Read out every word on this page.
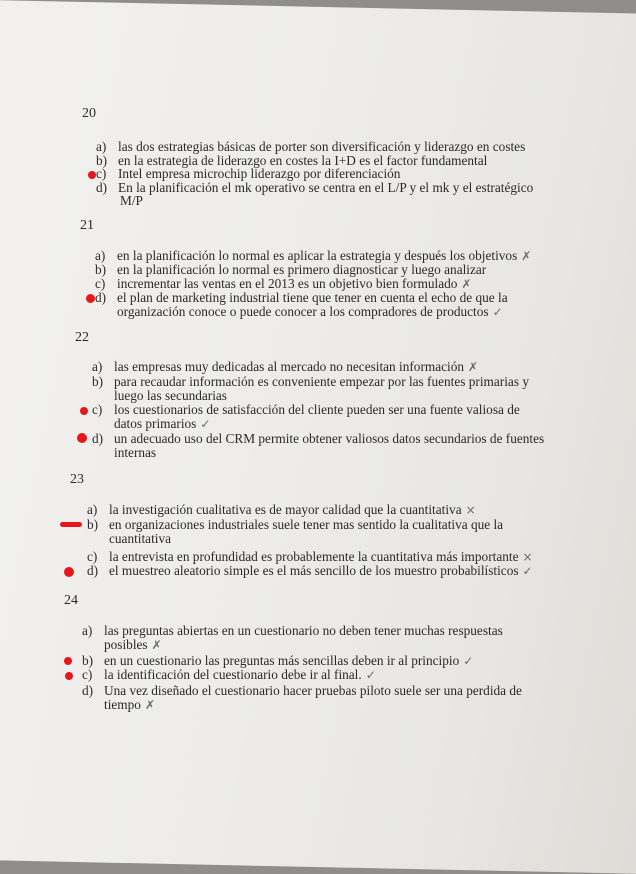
20
a) las dos estrategias básicas de porter son diversificación y liderazgo en costes
b) en la estrategia de liderazgo en costes la I+D es el factor fundamental
c) Intel empresa microchip liderazgo por diferenciación
d) En la planificación el mk operativo se centra en el L/P y el mk y el estratégico
M/P
21
a) en la planificación lo normal es aplicar la estrategia y después los objetivos ✗
b) en la planificación lo normal es primero diagnosticar y luego analizar
c) incrementar las ventas en el 2013 es un objetivo bien formulado ✗
d) el plan de marketing industrial tiene que tener en cuenta el echo de que la
organización conoce o puede conocer a los compradores de productos ✓
22
a) las empresas muy dedicadas al mercado no necesitan información ✗
b) para recaudar información es conveniente empezar por las fuentes primarias y
luego las secundarias
c) los cuestionarios de satisfacción del cliente pueden ser una fuente valiosa de
datos primarios ✓
d) un adecuado uso del CRM permite obtener valiosos datos secundarios de fuentes
internas
23
a) la investigación cualitativa es de mayor calidad que la cuantitativa ×
b) en organizaciones industriales suele tener mas sentido la cualitativa que la
cuantitativa
c) la entrevista en profundidad es probablemente la cuantitativa más importante ×
d) el muestreo aleatorio simple es el más sencillo de los muestro probabilísticos ✓
24
a) las preguntas abiertas en un cuestionario no deben tener muchas respuestas
posibles ✗
b) en un cuestionario las preguntas más sencillas deben ir al principio ✓
c) la identificación del cuestionario debe ir al final. ✓
d) Una vez diseñado el cuestionario hacer pruebas piloto suele ser una perdida de
tiempo ✗
